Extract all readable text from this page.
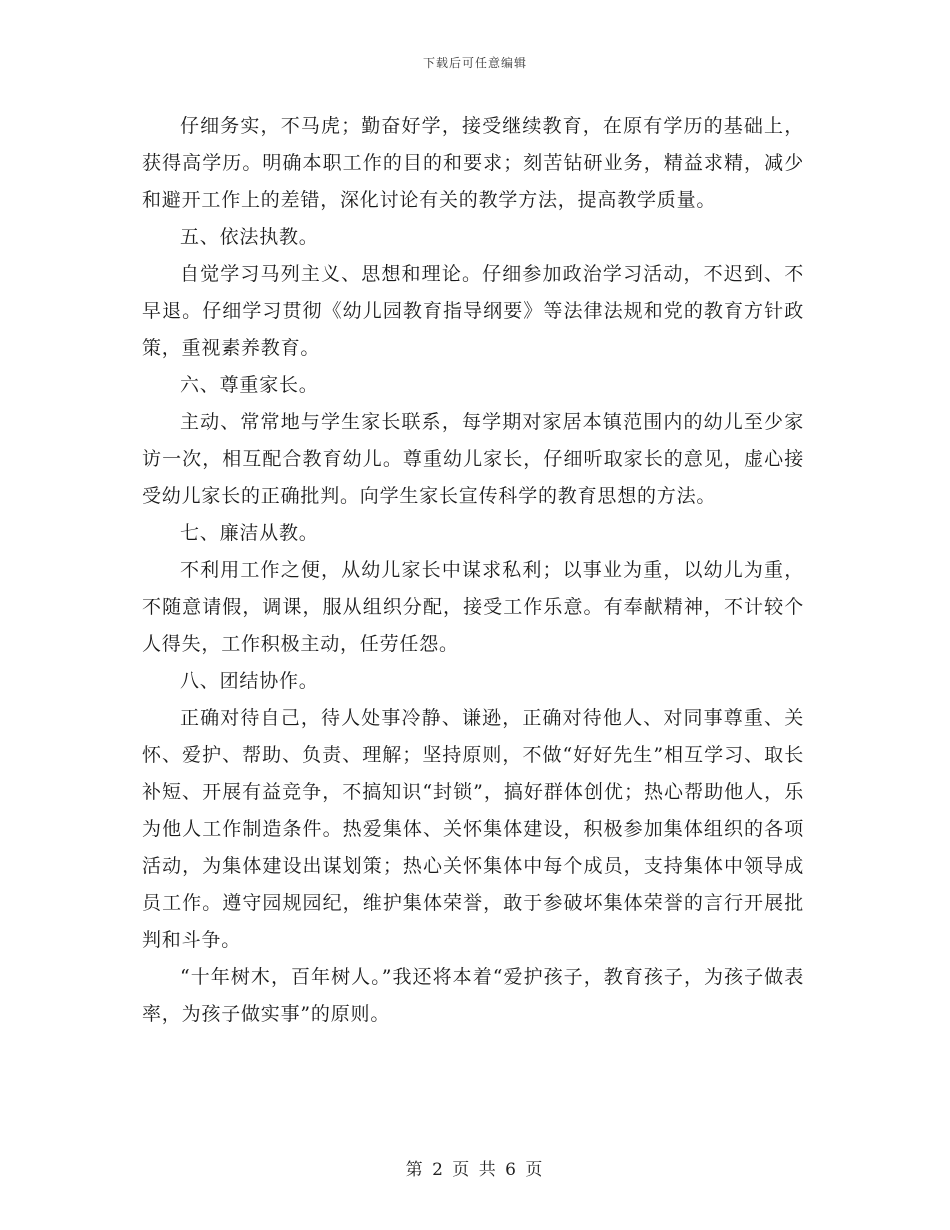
下载后可任意编辑

仔细务实，不马虎；勤奋好学，接受继续教育，在原有学历的基础上，获得高学历。明确本职工作的目的和要求；刻苦钻研业务，精益求精，减少和避开工作上的差错，深化讨论有关的教学方法，提高教学质量。

五、依法执教。

自觉学习马列主义、思想和理论。仔细参加政治学习活动，不迟到、不早退。仔细学习贯彻《幼儿园教育指导纲要》等法律法规和党的教育方针政策，重视素养教育。

六、尊重家长。

主动、常常地与学生家长联系，每学期对家居本镇范围内的幼儿至少家访一次，相互配合教育幼儿。尊重幼儿家长，仔细听取家长的意见，虚心接受幼儿家长的正确批判。向学生家长宣传科学的教育思想的方法。

七、廉洁从教。

不利用工作之便，从幼儿家长中谋求私利；以事业为重，以幼儿为重，不随意请假，调课，服从组织分配，接受工作乐意。有奉献精神，不计较个人得失，工作积极主动，任劳任怨。

八、团结协作。

正确对待自己，待人处事冷静、谦逊，正确对待他人、对同事尊重、关怀、爱护、帮助、负责、理解；坚持原则，不做“好好先生”相互学习、取长补短、开展有益竞争，不搞知识“封锁”，搞好群体创优；热心帮助他人，乐为他人工作制造条件。热爱集体、关怀集体建设，积极参加集体组织的各项活动，为集体建设出谋划策；热心关怀集体中每个成员，支持集体中领导成员工作。遵守园规园纪，维护集体荣誉，敢于参破坏集体荣誉的言行开展批判和斗争。

“十年树木，百年树人。”我还将本着“爱护孩子，教育孩子，为孩子做表率，为孩子做实事”的原则。

第 2 页 共 6 页
